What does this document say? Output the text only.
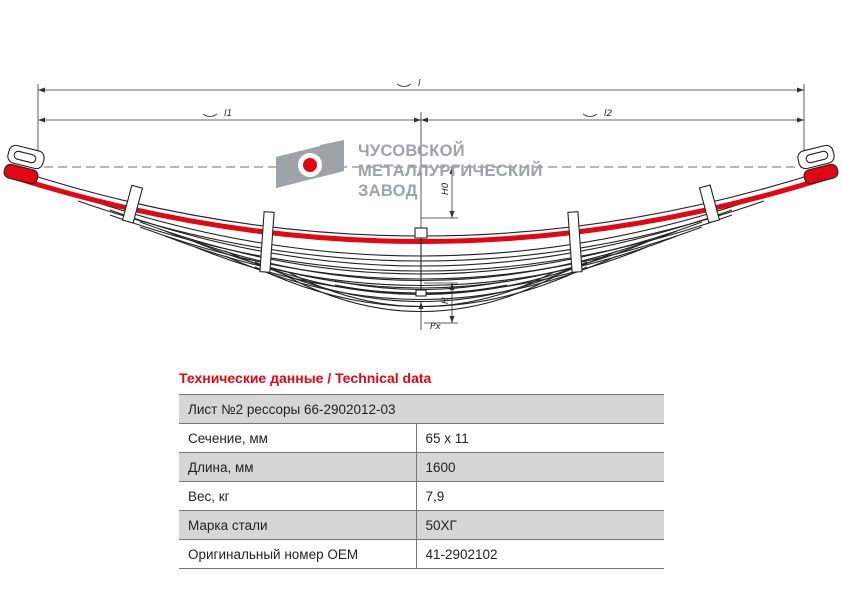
l
l1	l2
H0
H
Px
ЧУСОВСКОЙ
МЕТАЛЛУРГИЧЕСКИЙ
ЗАВОД
Технические данные / Technical data
Лист №2 рессоры 66-2902012-03	
Сечение, мм	65 x 11
Длина, мм	1600
Вес, кг	7,9
Марка стали	50ХГ
Оригинальный номер OEM	41-2902102
